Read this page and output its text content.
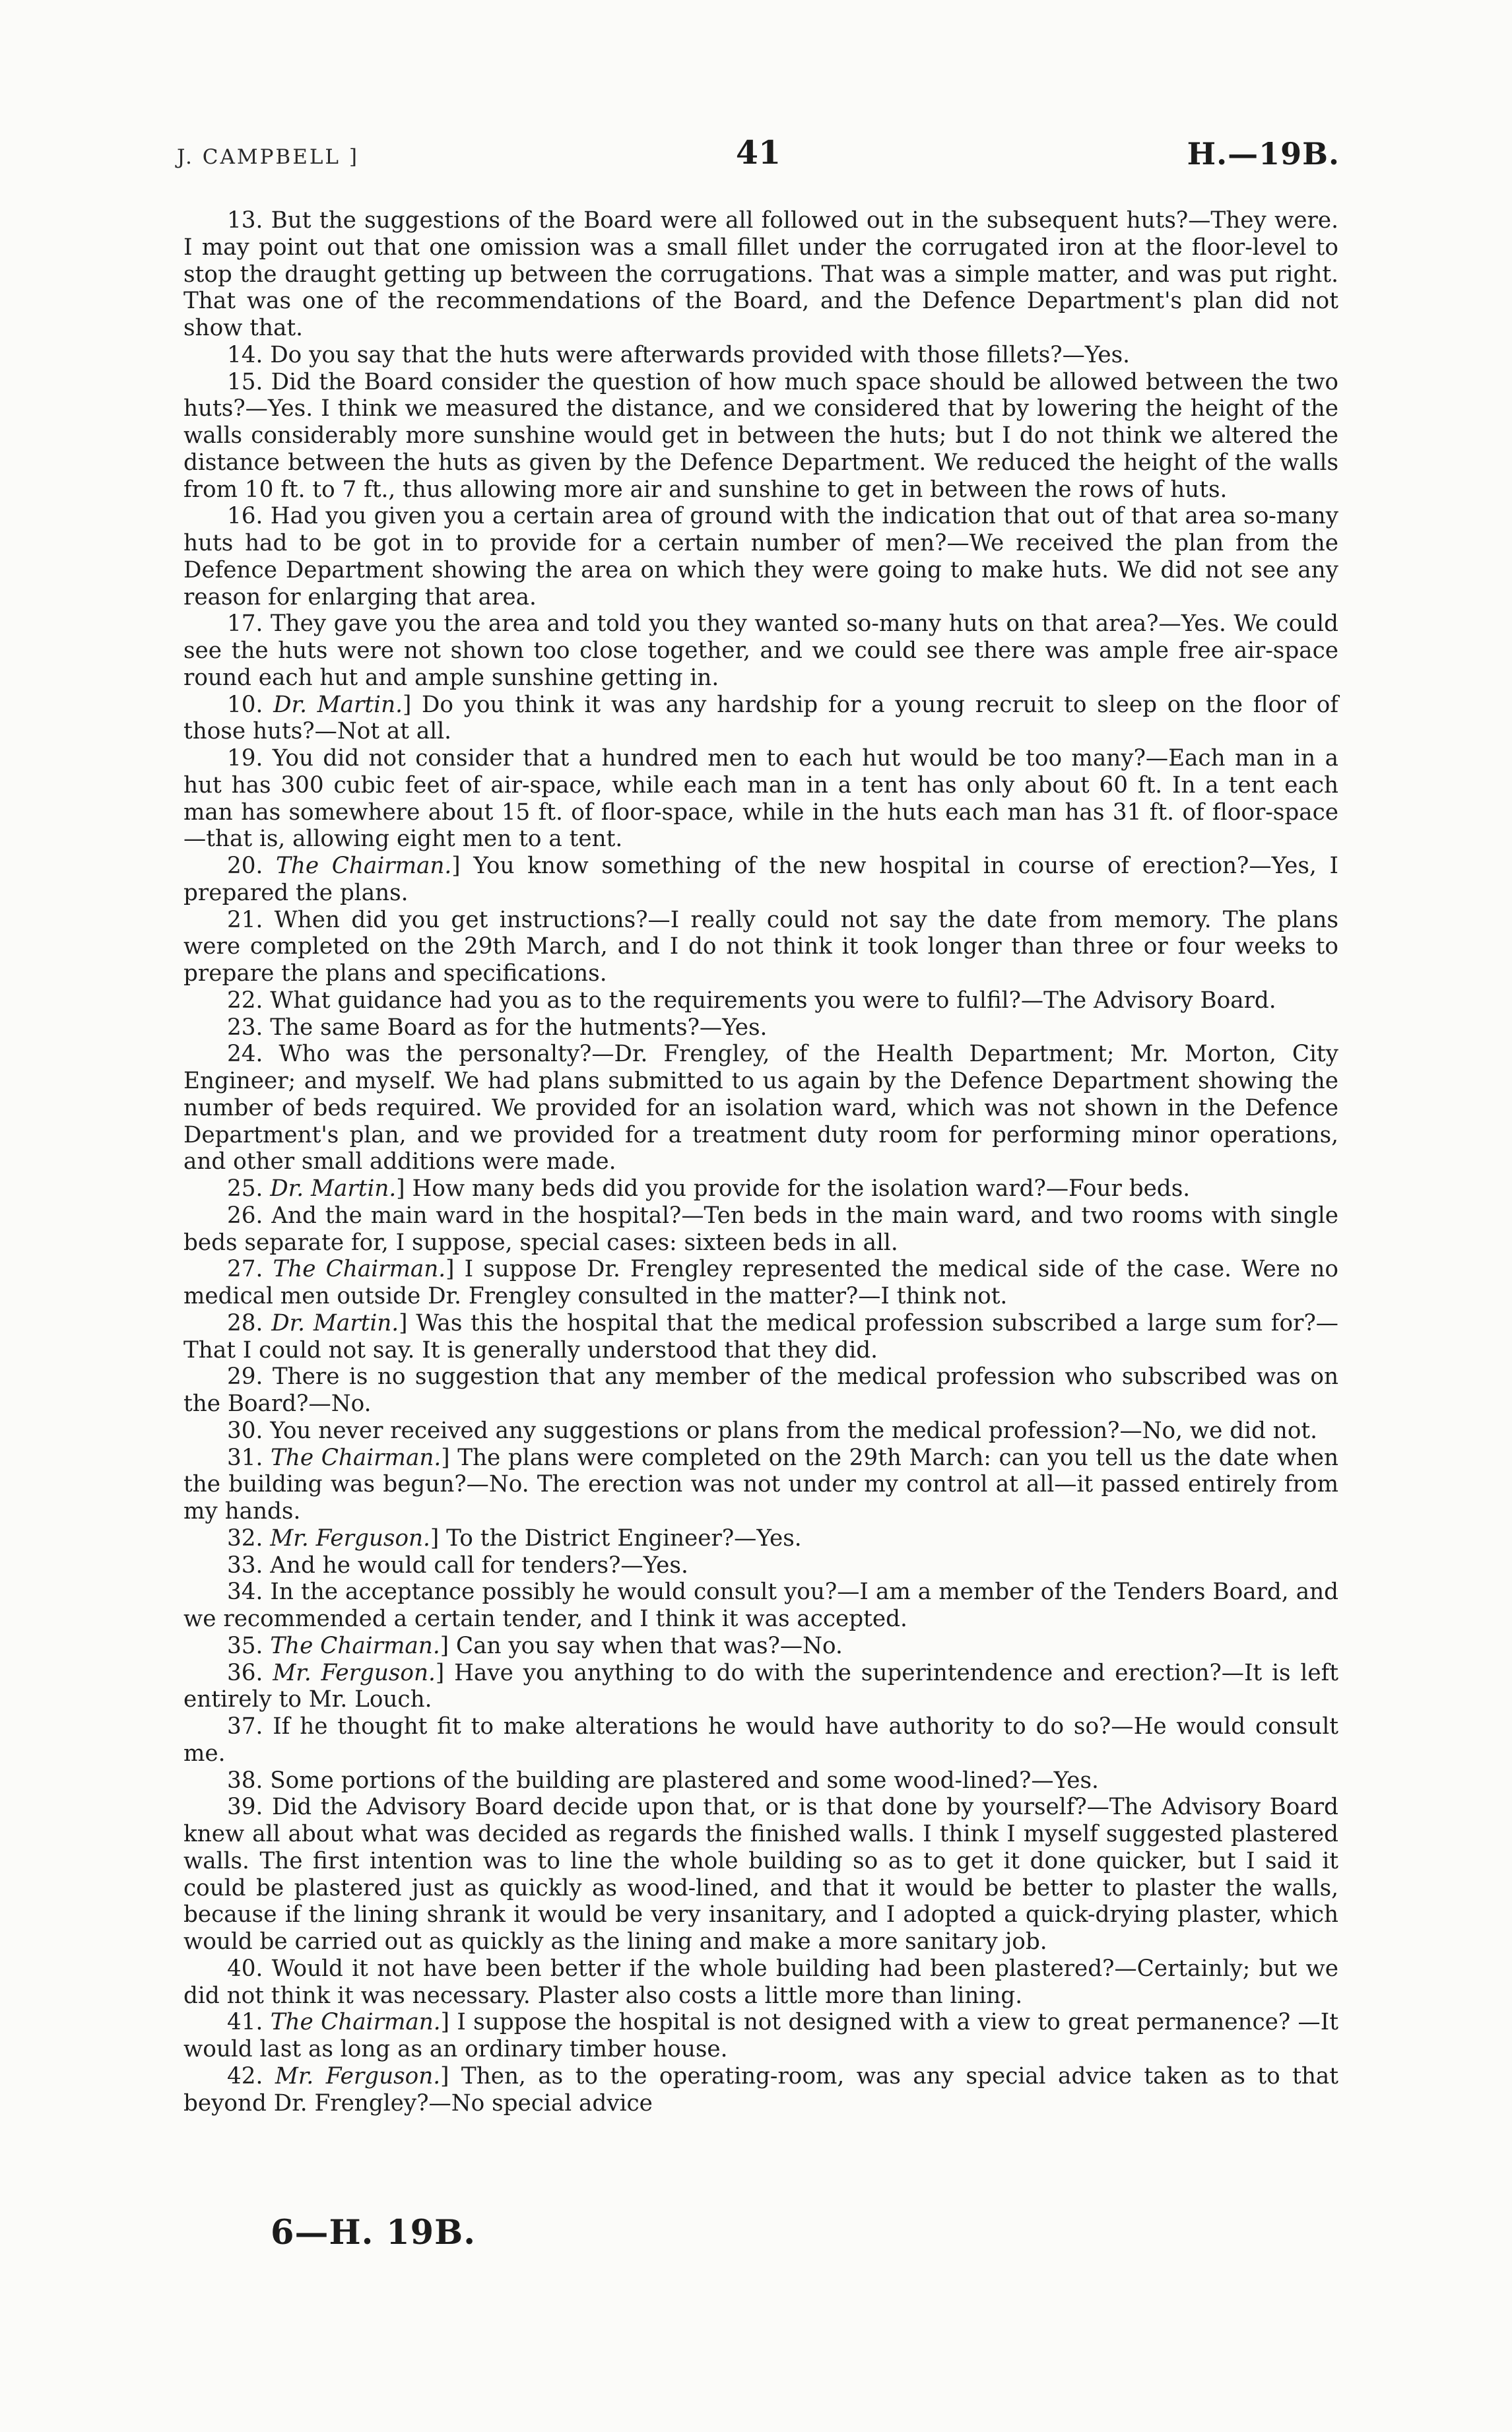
J. CAMPBELL ]	41	H.—19B.

13. But the suggestions of the Board were all followed out in the subsequent huts?—They were. I may point out that one omission was a small fillet under the corrugated iron at the floor-level to stop the draught getting up between the corrugations. That was a simple matter, and was put right. That was one of the recommendations of the Board, and the Defence Department's plan did not show that.

14. Do you say that the huts were afterwards provided with those fillets?—Yes.

15. Did the Board consider the question of how much space should be allowed between the two huts?—Yes. I think we measured the distance, and we considered that by lowering the height of the walls considerably more sunshine would get in between the huts; but I do not think we altered the distance between the huts as given by the Defence Department. We reduced the height of the walls from 10 ft. to 7 ft., thus allowing more air and sunshine to get in between the rows of huts.

16. Had you given you a certain area of ground with the indication that out of that area so-many huts had to be got in to provide for a certain number of men?—We received the plan from the Defence Department showing the area on which they were going to make huts. We did not see any reason for enlarging that area.

17. They gave you the area and told you they wanted so-many huts on that area?—Yes. We could see the huts were not shown too close together, and we could see there was ample free air-space round each hut and ample sunshine getting in.

10. Dr. Martin.] Do you think it was any hardship for a young recruit to sleep on the floor of those huts?—Not at all.

19. You did not consider that a hundred men to each hut would be too many?—Each man in a hut has 300 cubic feet of air-space, while each man in a tent has only about 60 ft. In a tent each man has somewhere about 15 ft. of floor-space, while in the huts each man has 31 ft. of floor-space—that is, allowing eight men to a tent.

20. The Chairman.] You know something of the new hospital in course of erection?—Yes, I prepared the plans.

21. When did you get instructions?—I really could not say the date from memory. The plans were completed on the 29th March, and I do not think it took longer than three or four weeks to prepare the plans and specifications.

22. What guidance had you as to the requirements you were to fulfil?—The Advisory Board.

23. The same Board as for the hutments?—Yes.

24. Who was the personalty?—Dr. Frengley, of the Health Department; Mr. Morton, City Engineer; and myself. We had plans submitted to us again by the Defence Department showing the number of beds required. We provided for an isolation ward, which was not shown in the Defence Department's plan, and we provided for a treatment duty room for performing minor operations, and other small additions were made.

25. Dr. Martin.] How many beds did you provide for the isolation ward?—Four beds.

26. And the main ward in the hospital?—Ten beds in the main ward, and two rooms with single beds separate for, I suppose, special cases: sixteen beds in all.

27. The Chairman.] I suppose Dr. Frengley represented the medical side of the case. Were no medical men outside Dr. Frengley consulted in the matter?—I think not.

28. Dr. Martin.] Was this the hospital that the medical profession subscribed a large sum for?—That I could not say. It is generally understood that they did.

29. There is no suggestion that any member of the medical profession who subscribed was on the Board?—No.

30. You never received any suggestions or plans from the medical profession?—No, we did not.

31. The Chairman.] The plans were completed on the 29th March: can you tell us the date when the building was begun?—No. The erection was not under my control at all—it passed entirely from my hands.

32. Mr. Ferguson.] To the District Engineer?—Yes.

33. And he would call for tenders?—Yes.

34. In the acceptance possibly he would consult you?—I am a member of the Tenders Board, and we recommended a certain tender, and I think it was accepted.

35. The Chairman.] Can you say when that was?—No.

36. Mr. Ferguson.] Have you anything to do with the superintendence and erection?—It is left entirely to Mr. Louch.

37. If he thought fit to make alterations he would have authority to do so?—He would consult me.

38. Some portions of the building are plastered and some wood-lined?—Yes.

39. Did the Advisory Board decide upon that, or is that done by yourself?—The Advisory Board knew all about what was decided as regards the finished walls. I think I myself suggested plastered walls. The first intention was to line the whole building so as to get it done quicker, but I said it could be plastered just as quickly as wood-lined, and that it would be better to plaster the walls, because if the lining shrank it would be very insanitary, and I adopted a quick-drying plaster, which would be carried out as quickly as the lining and make a more sanitary job.

40. Would it not have been better if the whole building had been plastered?—Certainly; but we did not think it was necessary. Plaster also costs a little more than lining.

41. The Chairman.] I suppose the hospital is not designed with a view to great permanence? —It would last as long as an ordinary timber house.

42. Mr. Ferguson.] Then, as to the operating-room, was any special advice taken as to that beyond Dr. Frengley?—No special advice

6—H. 19B.
